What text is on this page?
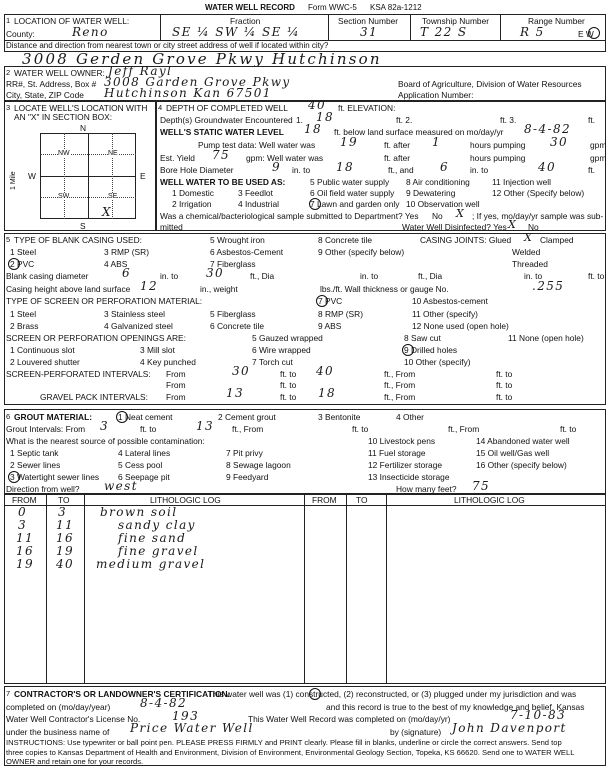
WATER WELL RECORD Form WWC-5 KSA 82a-1212
1 LOCATION OF WATER WELL:	Fraction	Section Number	Township Number	Range Number
County:	Reno	SE ¼ SW ¼ SE ¼	31	T 22 S	R 5	E W
Distance and direction from nearest town or city street address of well if located within city?
3008 Gerden Grove Pkwy Hutchinson
2 WATER WELL OWNER: Jeff Rayl
RR#, St. Address, Box # 3008 Garden Grove Pkwy
City, State, ZIP Code Hutchinson Kan 67501
Board of Agriculture, Division of Water Resources
Application Number:
3 LOCATE WELL'S LOCATION WITH
AN "X" IN SECTION BOX:
N
S
W	E
1 Mile
NW	NE
SW	SE
X
4 DEPTH OF COMPLETED WELL 40 ft. ELEVATION:
Depth(s) Groundwater Encountered 1. 18	ft. 2.	ft. 3.	ft.
WELL'S STATIC WATER LEVEL 18 ft. below land surface measured on mo/day/yr 8-4-82
Pump test data: Well water was 19	ft. after 1	hours pumping 30	gpm
Est. Yield 75 gpm: Well water was	ft. after	hours pumping	gpm
Bore Hole Diameter	9 in. to 18	ft., and 6 in. to	40	ft.
WELL WATER TO BE USED AS:
1 Domestic	3 Feedlot
5 Public water supply 8 Air conditioning	11 Injection well
2 Irrigation	4 Industrial	7 Lawn and garden only
9 Dewatering	12 Other (Specify below)
6 Oil field water supply
10 Observation well
Was a chemical/bacteriological sample submitted to Department? Yes No X ; If yes, mo/day/yr sample was sub-
mitted	Water Well Disinfected? Yes X No
5 TYPE OF BLANK CASING USED:
1 Steel	3 RMP (SR)
5 Wrought iron	8 Concrete tile
2 PVC	4 ABS
6 Asbestos-Cement	9 Other (specify below)
7 Fiberglass
CASING JOINTS: Glued X Clamped
Welded
Threaded
Blank casing diameter	6	in. to 30	ft., Dia	in. to	ft., Dia	in. to	ft. to
Casing height above land surface 12	in., weight	lbs./ft. Wall thickness or gauge No.	.255
TYPE OF SCREEN OR PERFORATION MATERIAL:	7 PVC	10 Asbestos-cement
1 Steel	3 Stainless steel	5 Fiberglass	8 RMP (SR)	11 Other (specify)
2 Brass	4 Galvanized steel	6 Concrete tile	9 ABS	12 None used (open hole)
SCREEN OR PERFORATION OPENINGS ARE:	5 Gauzed wrapped	8 Saw cut	11 None (open hole)
1 Continuous slot	3 Mill slot	6 Wire wrapped	9 Drilled holes
2 Louvered shutter	4 Key punched	7 Torch cut	10 Other (specify)
SCREEN-PERFORATED INTERVALS: From	30	ft. to 40	ft., From	ft. to
From	ft. to	ft., From	ft. to
GRAVEL PACK INTERVALS: From	13	ft. to 18	ft., From	ft. to
6 GROUT MATERIAL:	1 Neat cement	2 Cement grout	3 Bentonite	4 Other
Grout Intervals: From 3	ft. to	13 ft., From	ft. to	ft., From	ft. to
What is the nearest source of possible contamination:
1 Septic tank	4 Lateral lines	7 Pit privy
10 Livestock pens	14 Abandoned water well
2 Sewer lines	5 Cess pool	8 Sewage lagoon
11 Fuel storage	15 Oil well/Gas well
3 Watertight sewer lines 6 Seepage pit	9 Feedyard
12 Fertilizer storage	16 Other (specify below)
13 Insecticide storage
Direction from well? west	How many feet? 75
FROM	TO	LITHOLOGIC LOG	FROM TO	LITHOLOGIC LOG
0	3	brown soil
3 11	sandy clay
11 16	fine sand
16 19	fine gravel
19 40 medium gravel
7 CONTRACTOR'S OR LANDOWNER'S CERTIFICATION:
This water well was (1) constructed, (2) reconstructed, or (3) plugged under my jurisdiction and was
completed on (mo/day/year) 8-4-82	and this record is true to the best of my knowledge and belief. Kansas
Water Well Contractor's License No.	193	This Water Well Record was completed on (mo/day/yr)	7-10-83
under the business name of Price Water Well	by (signature) John Davenport
INSTRUCTIONS: Use typewriter or ball point pen. PLEASE PRESS FIRMLY and PRINT clearly. Please fill in blanks, underline or circle the correct answers. Send top
three copies to Kansas Department of Health and Environment, Division of Environment, Environmental Geology Section, Topeka, KS 66620. Send one to WATER WELL
OWNER and retain one for your records.
